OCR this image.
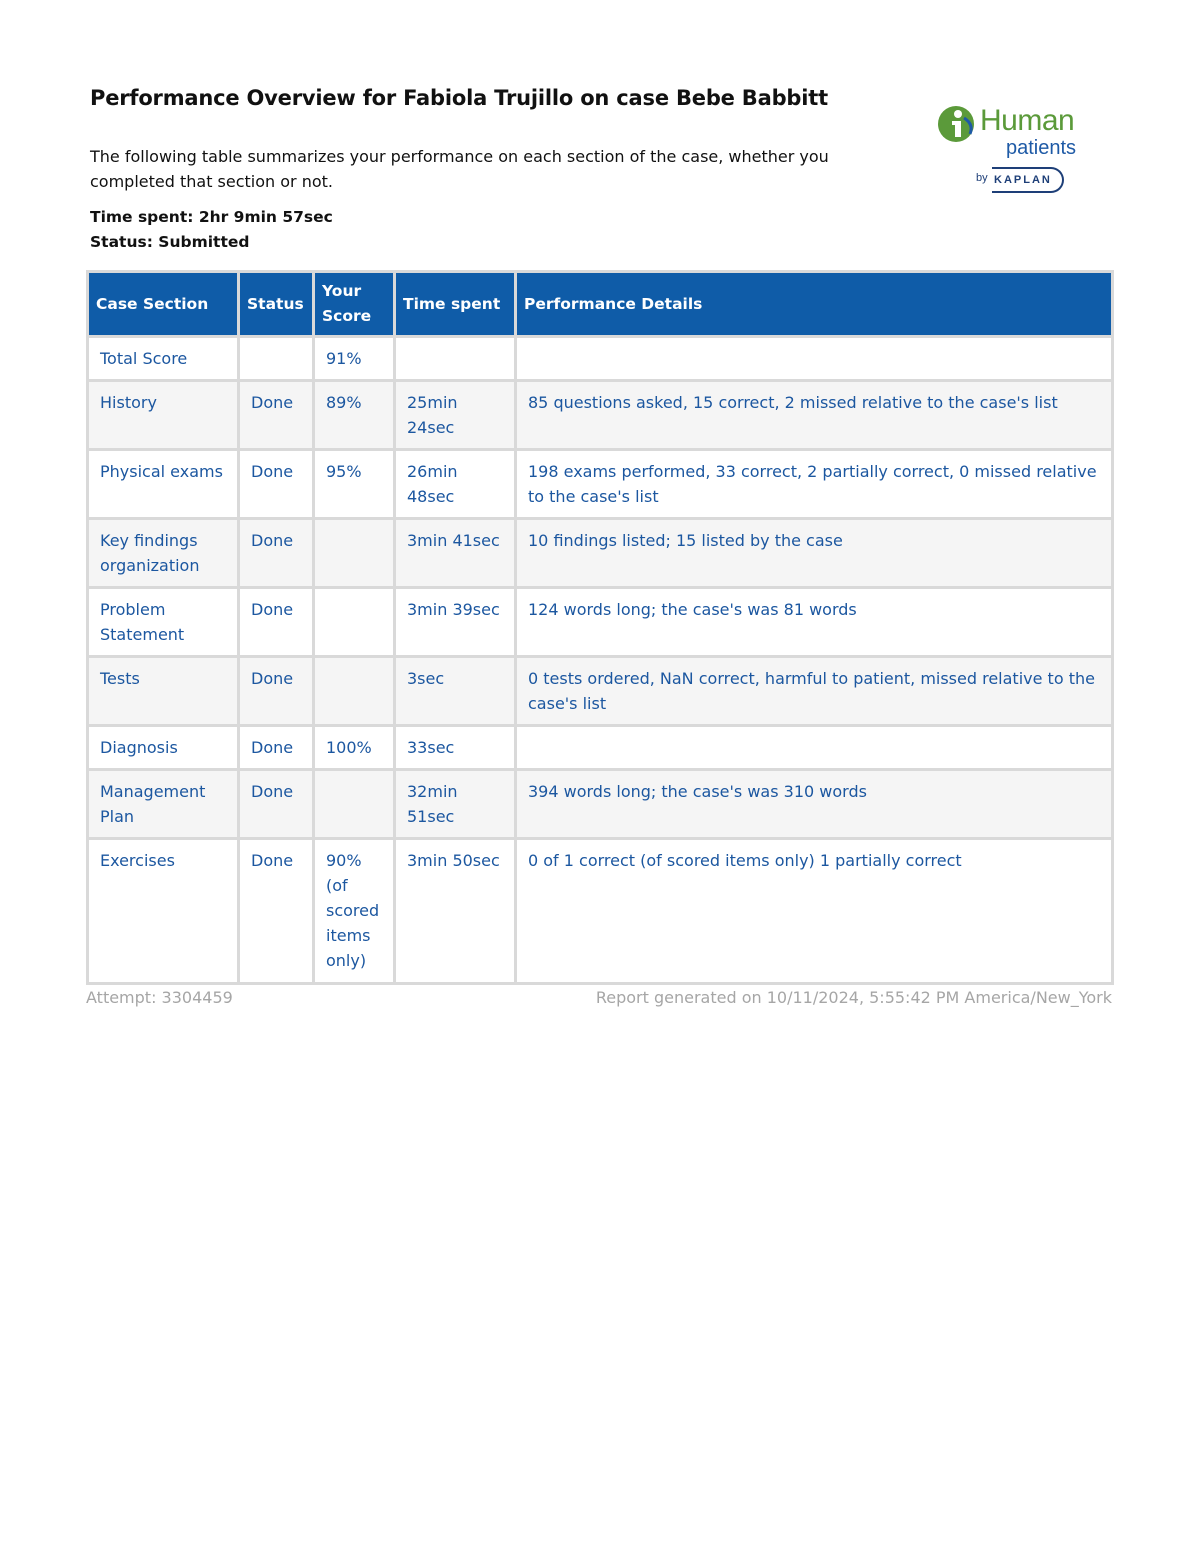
Performance Overview for Fabiola Trujillo on case Bebe Babbitt
Human
patients
by KAPLAN
The following table summarizes your performance on each section of the case, whether you completed that section or not.
Time spent: 2hr 9min 57sec
Status: Submitted
Case Section	Status	Your Score	Time spent	Performance Details
Total Score		91%		
History	Done	89%	25min 24sec	85 questions asked, 15 correct, 2 missed relative to the case's list
Physical exams	Done	95%	26min 48sec	198 exams performed, 33 correct, 2 partially correct, 0 missed relative to the case's list
Key findings organization	Done		3min 41sec	10 findings listed; 15 listed by the case
Problem Statement	Done		3min 39sec	124 words long; the case's was 81 words
Tests	Done		3sec	0 tests ordered, NaN correct, harmful to patient, missed relative to the case's list
Diagnosis	Done	100%	33sec	
Management Plan	Done		32min 51sec	394 words long; the case's was 310 words
Exercises	Done	90% (of scored items only)	3min 50sec	0 of 1 correct (of scored items only) 1 partially correct
Attempt: 3304459	Report generated on 10/11/2024, 5:55:42 PM America/New_York
